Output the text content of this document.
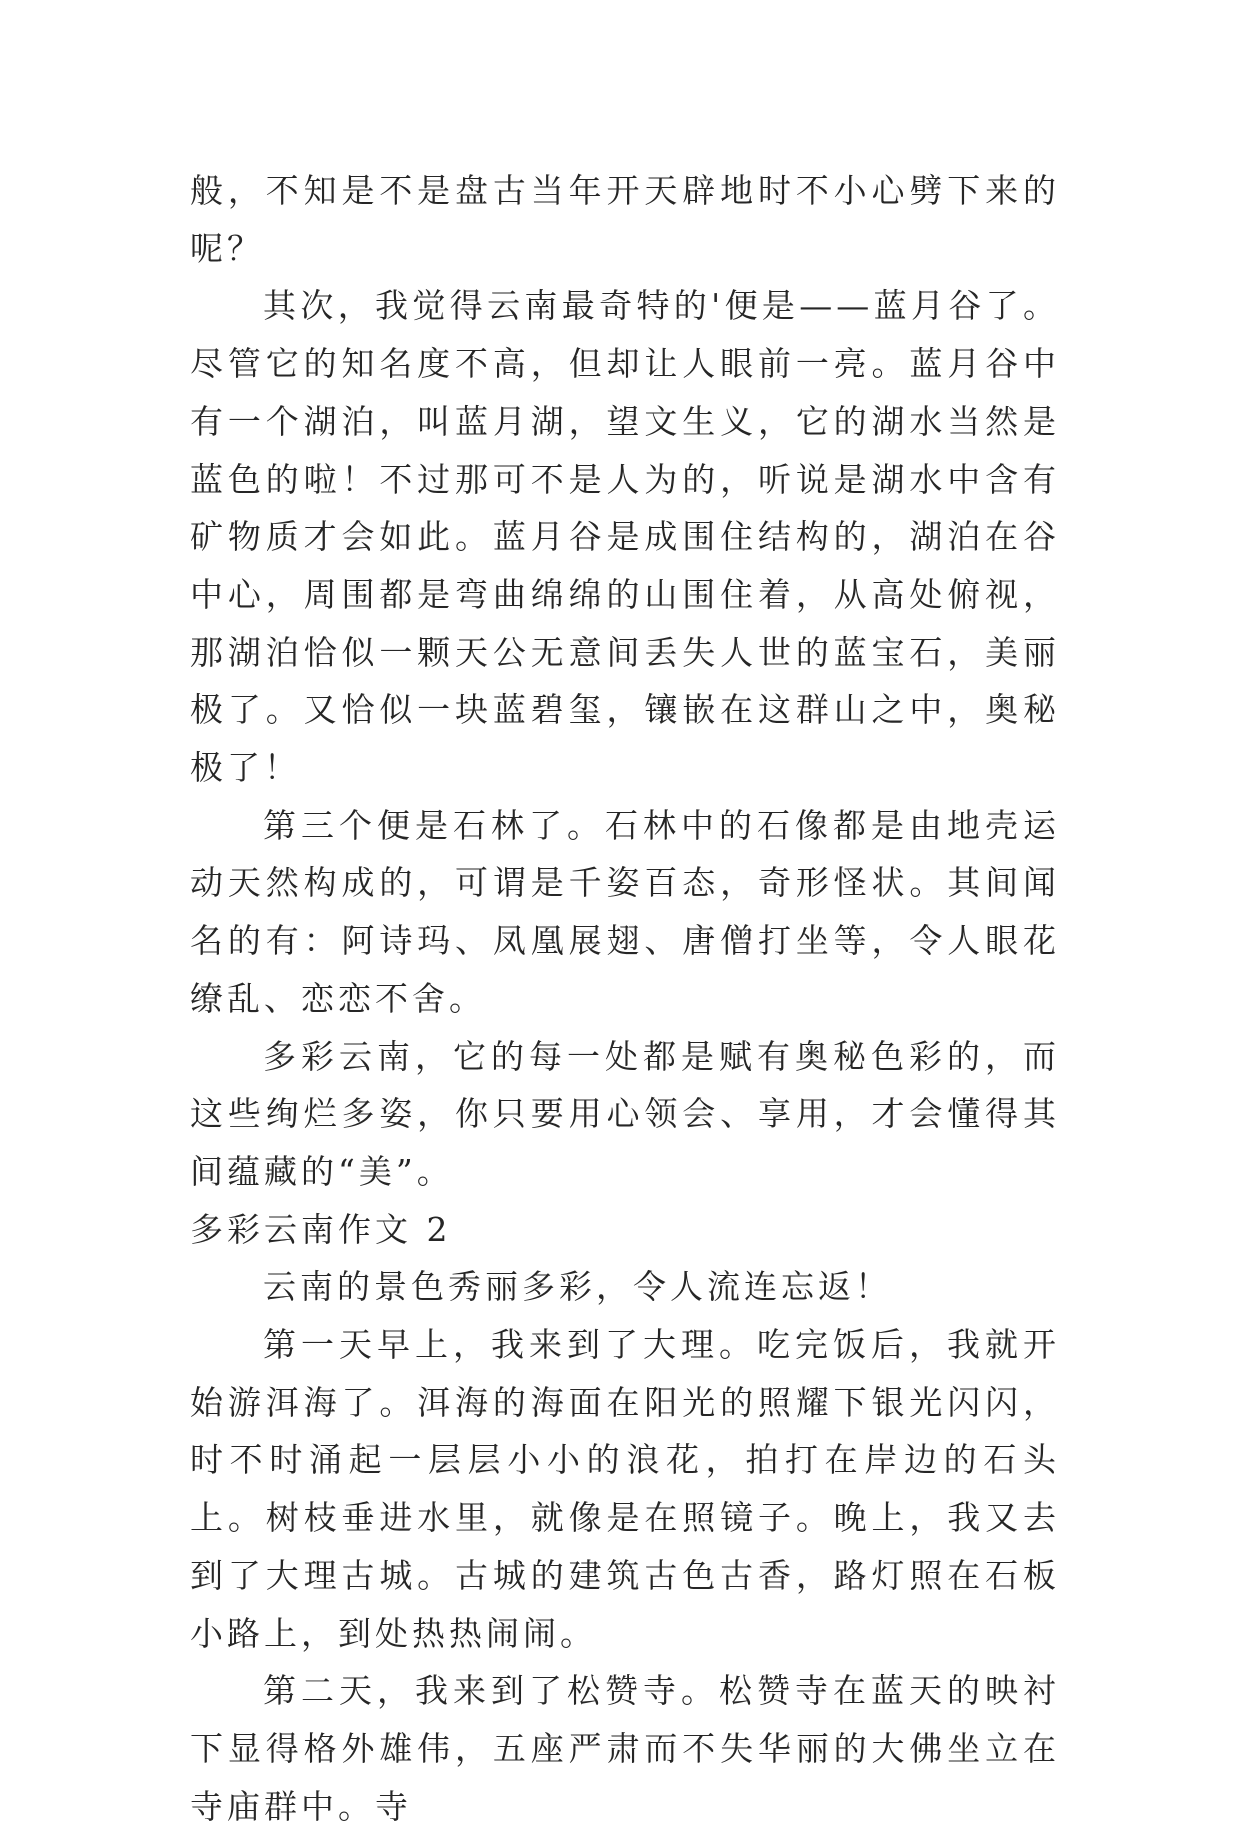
般，不知是不是盘古当年开天辟地时不小心劈下来的呢？

其次，我觉得云南最奇特的'便是——蓝月谷了。尽管它的知名度不高，但却让人眼前一亮。蓝月谷中有一个湖泊，叫蓝月湖，望文生义，它的湖水当然是蓝色的啦！不过那可不是人为的，听说是湖水中含有矿物质才会如此。蓝月谷是成围住结构的，湖泊在谷中心，周围都是弯曲绵绵的山围住着，从高处俯视，那湖泊恰似一颗天公无意间丢失人世的蓝宝石，美丽极了。又恰似一块蓝碧玺，镶嵌在这群山之中，奥秘极了！

第三个便是石林了。石林中的石像都是由地壳运动天然构成的，可谓是千姿百态，奇形怪状。其间闻名的有：阿诗玛、凤凰展翅、唐僧打坐等，令人眼花缭乱、恋恋不舍。

多彩云南，它的每一处都是赋有奥秘色彩的，而这些绚烂多姿，你只要用心领会、享用，才会懂得其间蕴藏的“美”。

多彩云南作文 2

云南的景色秀丽多彩，令人流连忘返！

第一天早上，我来到了大理。吃完饭后，我就开始游洱海了。洱海的海面在阳光的照耀下银光闪闪，时不时涌起一层层小小的浪花，拍打在岸边的石头上。树枝垂进水里，就像是在照镜子。晚上，我又去到了大理古城。古城的建筑古色古香，路灯照在石板小路上，到处热热闹闹。

第二天，我来到了松赞寺。松赞寺在蓝天的映衬下显得格外雄伟，五座严肃而不失华丽的大佛坐立在寺庙群中。寺
